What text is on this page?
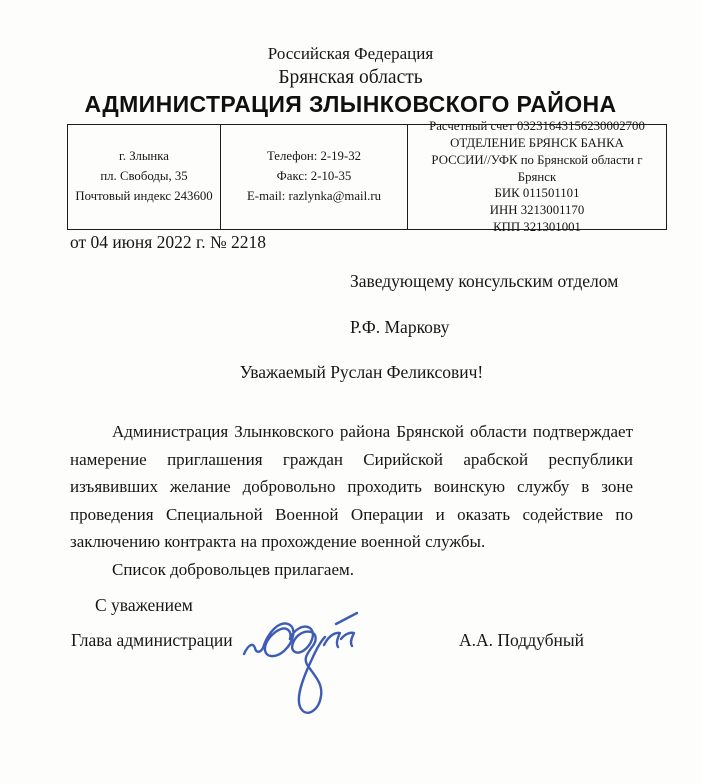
Российская Федерация
Брянская область
АДМИНИСТРАЦИЯ ЗЛЫНКОВСКОГО РАЙОНА
г. Злынка
пл. Свободы, 35
Почтовый индекс 243600
Телефон: 2-19-32
Факс: 2-10-35
E-mail: razlynka@mail.ru
Расчетный счет 03231643156230002700
ОТДЕЛЕНИЕ БРЯНСК БАНКА
РОССИИ//УФК по Брянской области г Брянск
БИК 011501101
ИНН 3213001170
КПП 321301001
от 04 июня 2022 г. № 2218
Заведующему консульским отделом
Р.Ф. Маркову
Уважаемый Руслан Феликсович!

Администрация Злынковского района Брянской области подтверждает намерение приглашения граждан Сирийской арабской республики изъявивших желание добровольно проходить воинскую службу в зоне проведения Специальной Военной Операции и оказать содействие по заключению контракта на прохождение военной службы.

Список добровольцев прилагаем.

С уважением
Глава администрации	А.А. Поддубный
